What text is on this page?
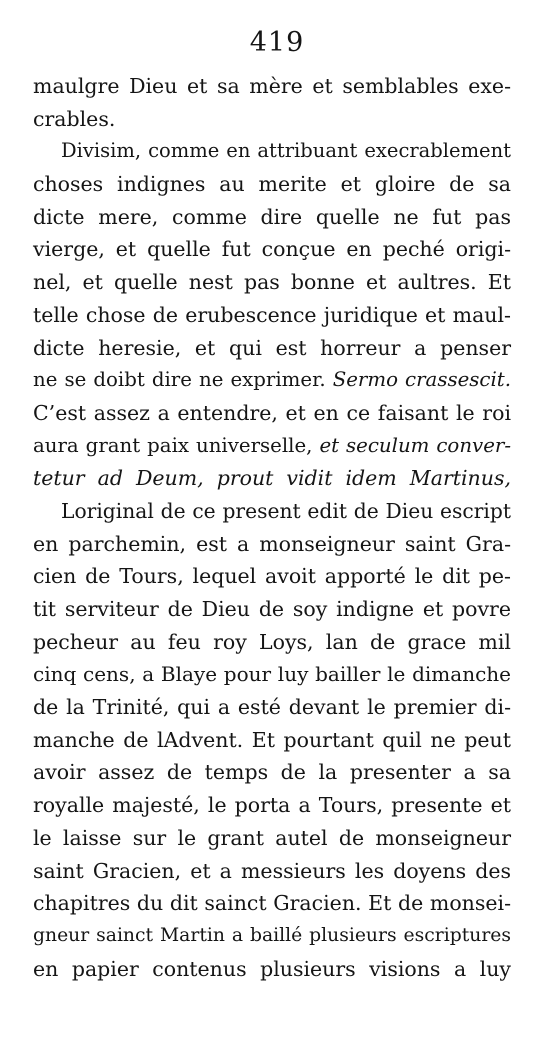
419
maulgre Dieu et sa mère et semblables exe-
crables.
Divisim, comme en attribuant execrablement
choses indignes au merite et gloire de sa
dicte mere, comme dire quelle ne fut pas
vierge, et quelle fut conçue en peché origi-
nel, et quelle nest pas bonne et aultres. Et
telle chose de erubescence juridique et maul-
dicte heresie, et qui est horreur a penser
ne se doibt dire ne exprimer. Sermo crassescit.
C’est assez a entendre, et en ce faisant le roi
aura grant paix universelle, et seculum conver-
tetur ad Deum, prout vidit idem Martinus,
Loriginal de ce present edit de Dieu escript
en parchemin, est a monseigneur saint Gra-
cien de Tours, lequel avoit apporté le dit pe-
tit serviteur de Dieu de soy indigne et povre
pecheur au feu roy Loys, lan de grace mil
cinq cens, a Blaye pour luy bailler le dimanche
de la Trinité, qui a esté devant le premier di-
manche de lAdvent. Et pourtant quil ne peut
avoir assez de temps de la presenter a sa
royalle majesté, le porta a Tours, presente et
le laisse sur le grant autel de monseigneur
saint Gracien, et a messieurs les doyens des
chapitres du dit sainct Gracien. Et de monsei-
gneur sainct Martin a baillé plusieurs escriptures
en papier contenus plusieurs visions a luy
